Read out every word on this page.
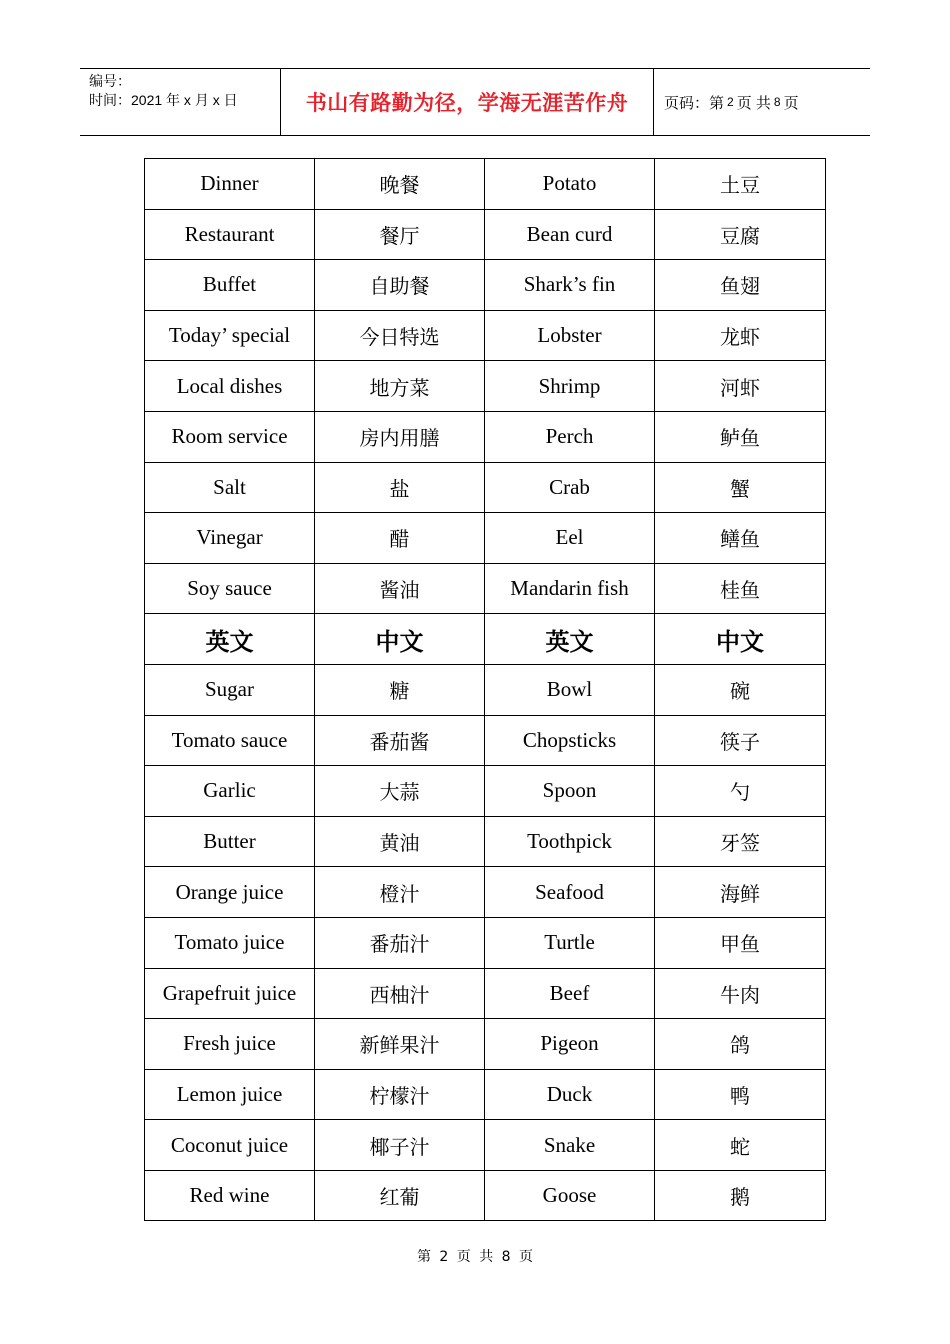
编号：
时间：2021 年 x 月 x 日	书山有路勤为径，学海无涯苦作舟 页码：第 2 页 共 8 页
Dinner	晚餐	Potato	土豆
Restaurant	餐厅	Bean curd	豆腐
Buffet	自助餐	Shark’s fin	鱼翅
Today’ special	今日特选	Lobster	龙虾
Local dishes	地方菜	Shrimp	河虾
Room service	房内用膳	Perch	鲈鱼
Salt	盐	Crab	蟹
Vinegar	醋	Eel	鳝鱼
Soy sauce	酱油	Mandarin fish	桂鱼
英文	中文	英文	中文
Sugar	糖	Bowl	碗
Tomato sauce	番茄酱	Chopsticks	筷子
Garlic	大蒜	Spoon	勺
Butter	黄油	Toothpick	牙签
Orange juice	橙汁	Seafood	海鲜
Tomato juice	番茄汁	Turtle	甲鱼
Grapefruit juice	西柚汁	Beef	牛肉
Fresh juice	新鲜果汁	Pigeon	鸽
Lemon juice	柠檬汁	Duck	鸭
Coconut juice	椰子汁	Snake	蛇
Red wine	红葡	Goose	鹅
第 2 页 共 8 页
